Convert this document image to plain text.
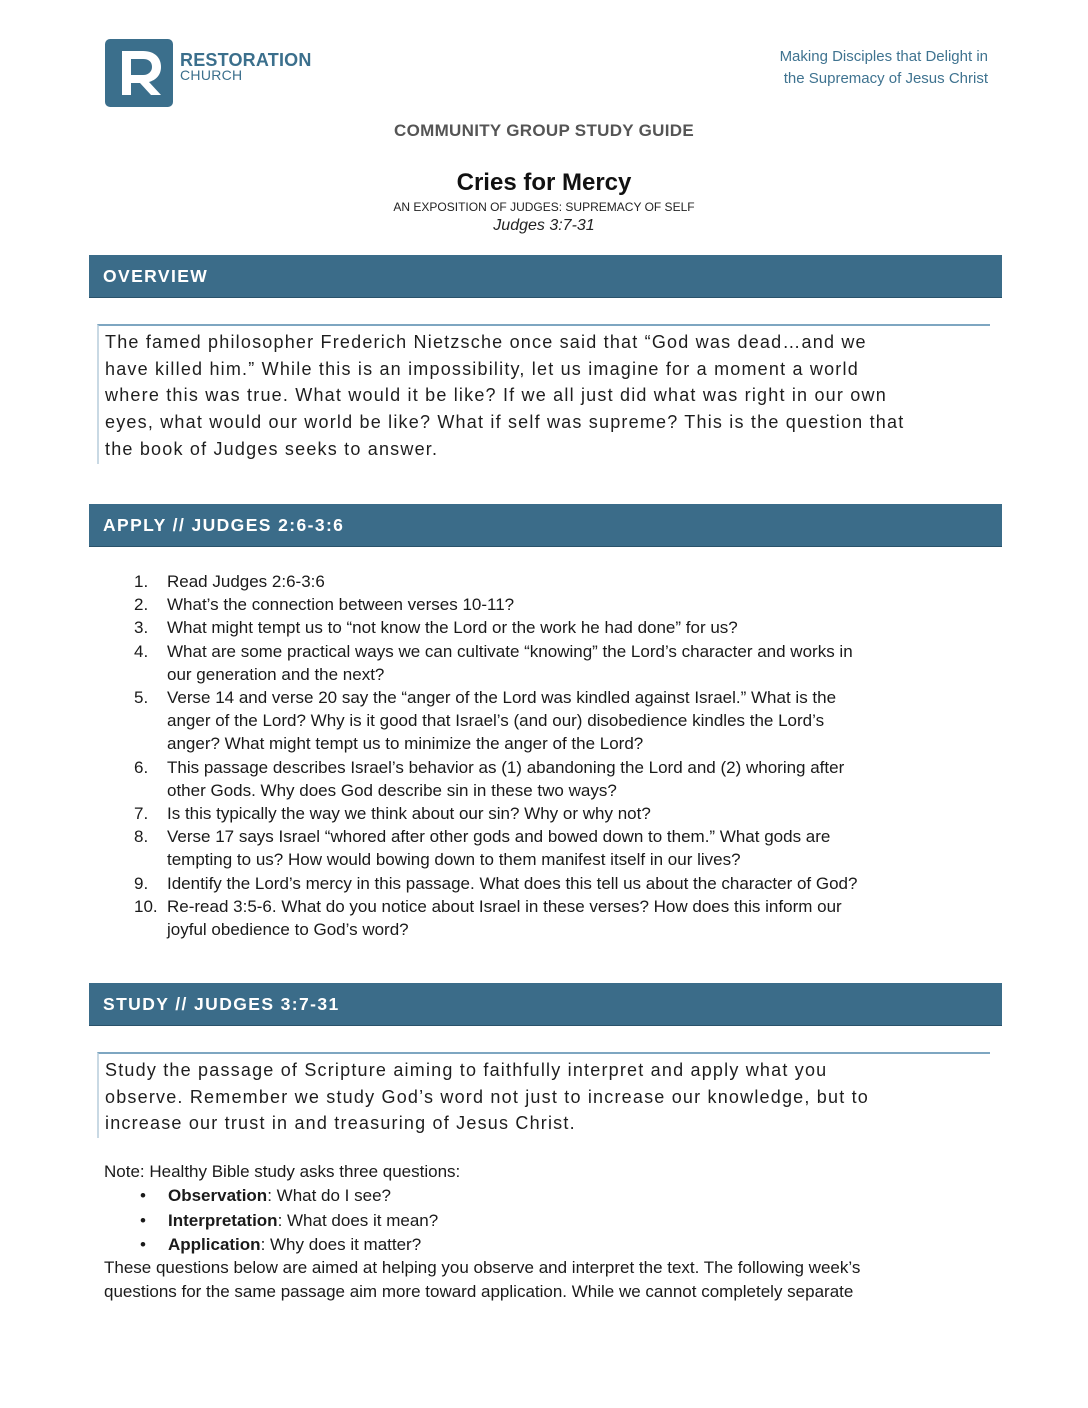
RESTORATION
CHURCH
Making Disciples that Delight in
the Supremacy of Jesus Christ
COMMUNITY GROUP STUDY GUIDE
Cries for Mercy
AN EXPOSITION OF JUDGES: SUPREMACY OF SELF
Judges 3:7-31
OVERVIEW
The famed philosopher Frederich Nietzsche once said that “God was dead…and we
have killed him.” While this is an impossibility, let us imagine for a moment a world
where this was true. What would it be like? If we all just did what was right in our own
eyes, what would our world be like? What if self was supreme? This is the question that
the book of Judges seeks to answer.
APPLY // JUDGES 2:6-3:6
1. Read Judges 2:6-3:6
2. What’s the connection between verses 10-11?
3. What might tempt us to “not know the Lord or the work he had done” for us?
4. What are some practical ways we can cultivate “knowing” the Lord’s character and works in
our generation and the next?
5. Verse 14 and verse 20 say the “anger of the Lord was kindled against Israel.” What is the
anger of the Lord? Why is it good that Israel’s (and our) disobedience kindles the Lord’s
anger? What might tempt us to minimize the anger of the Lord?
6. This passage describes Israel’s behavior as (1) abandoning the Lord and (2) whoring after
other Gods. Why does God describe sin in these two ways?
7. Is this typically the way we think about our sin? Why or why not?
8. Verse 17 says Israel “whored after other gods and bowed down to them.” What gods are
tempting to us? How would bowing down to them manifest itself in our lives?
9. Identify the Lord’s mercy in this passage. What does this tell us about the character of God?
10. Re-read 3:5-6. What do you notice about Israel in these verses? How does this inform our
joyful obedience to God’s word?
STUDY // JUDGES 3:7-31
Study the passage of Scripture aiming to faithfully interpret and apply what you
observe. Remember we study God’s word not just to increase our knowledge, but to
increase our trust in and treasuring of Jesus Christ.
Note: Healthy Bible study asks three questions:
• Observation: What do I see?
• Interpretation: What does it mean?
• Application: Why does it matter?
These questions below are aimed at helping you observe and interpret the text. The following week’s
questions for the same passage aim more toward application. While we cannot completely separate
